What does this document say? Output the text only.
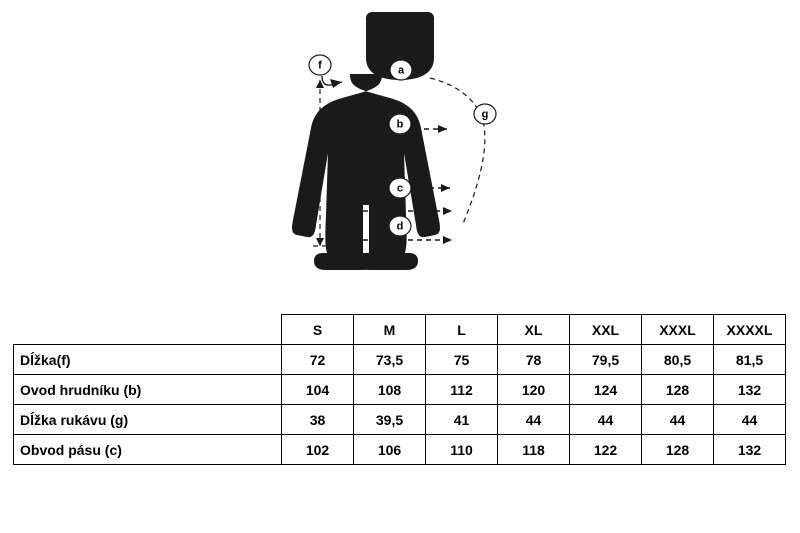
a
b
c
d
f
g
	S	M	L	XL	XXL	XXXL	XXXXL
Dĺžka(f)	72	73,5	75	78	79,5	80,5	81,5
Ovod hrudníku (b)	104	108	112	120	124	128	132
Dĺžka rukávu (g)	38	39,5	41	44	44	44	44
Obvod pásu (c)	102	106	110	118	122	128	132
